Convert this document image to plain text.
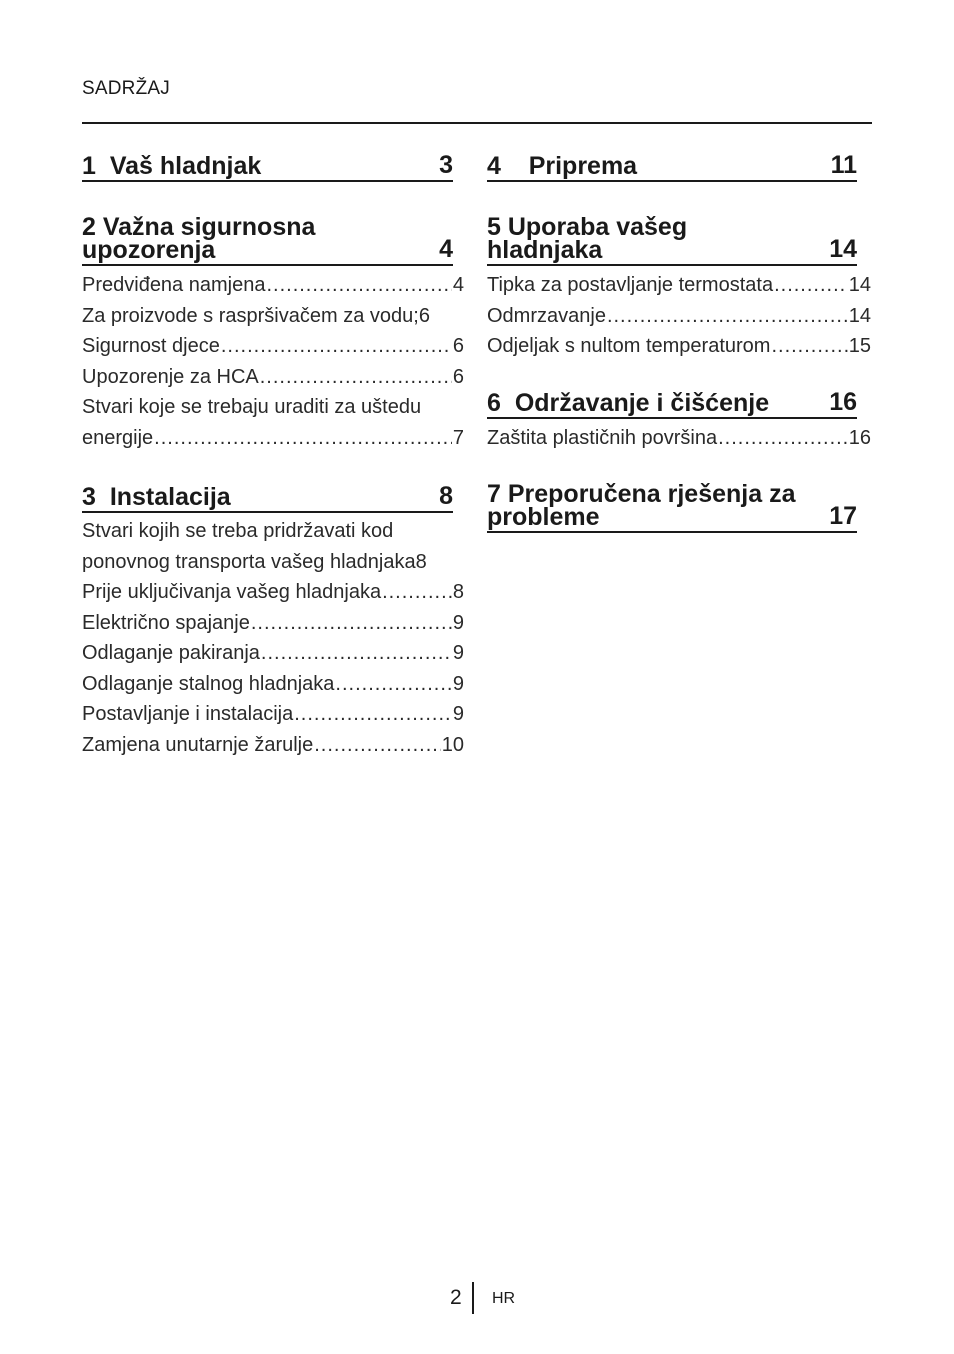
SADRŽAJ
1 Vaš hladnjak	3
2 Važna sigurnosna
upozorenja	4
Predviđena namjena .....	4
Za proizvode s raspršivačem za vodu; 6
Sigurnost djece .....	6
Upozorenje za HCA .....	6
Stvari koje se trebaju uraditi za uštedu
energije .....	7
3 Instalacija	8
Stvari kojih se treba pridržavati kod
ponovnog transporta vašeg hladnjaka 8
Prije uključivanja vašeg hladnjaka .....	8
Električno spajanje .....	9
Odlaganje pakiranja .....	9
Odlaganje stalnog hladnjaka .....	9
Postavljanje i instalacija .....	9
Zamjena unutarnje žarulje .....	10
4 Priprema	11
5 Uporaba vašeg
hladnjaka	14
Tipka za postavljanje termostata .....	14
Odmrzavanje .....	14
Odjeljak s nultom temperaturom .....	15
6 Održavanje i čišćenje 16
Zaštita plastičnih površina .....	16
7 Preporučena rješenja za
probleme	17
2 HR
